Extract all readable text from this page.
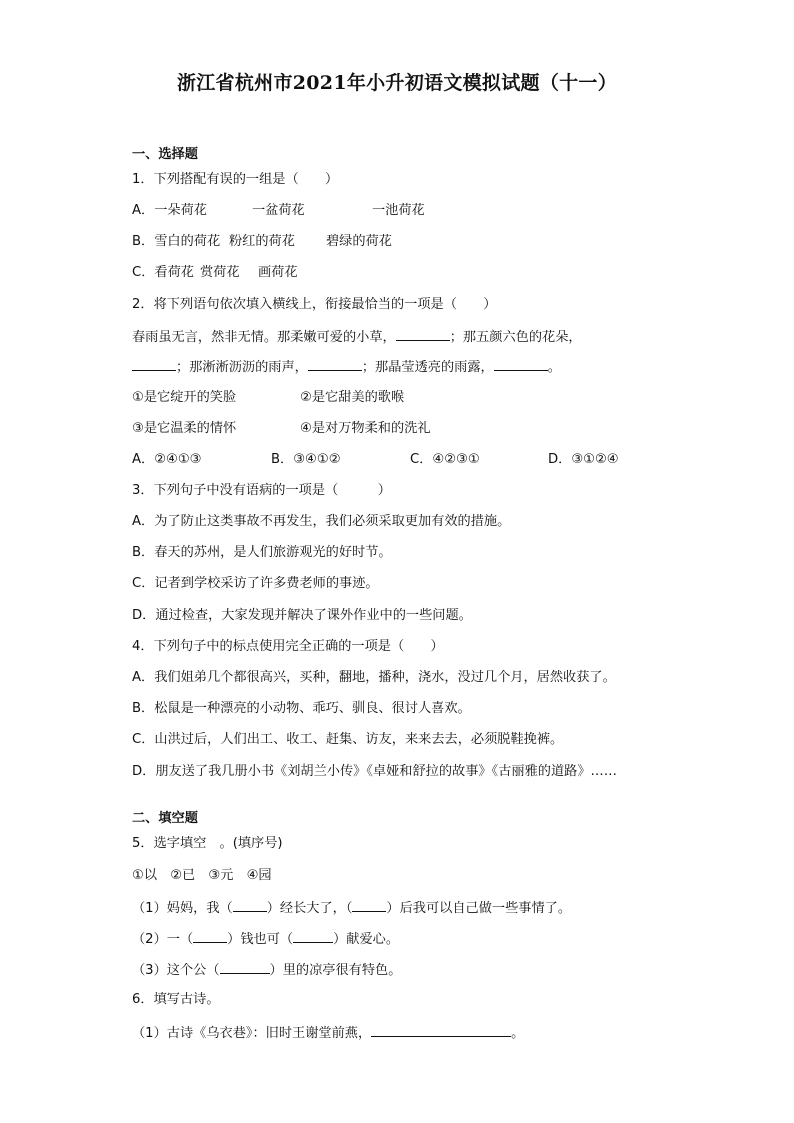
浙江省杭州市2021年小升初语文模拟试题（十一）
一、选择题
1．下列搭配有误的一组是（　　）
A．一朵荷花	一盆荷花	一池荷花
B．雪白的荷花 粉红的荷花 碧绿的荷花
C．看荷花 赏荷花 画荷花
2．将下列语句依次填入横线上，衔接最恰当的一项是（　　）
春雨虽无言，然非无情。那柔嫩可爱的小草，	；那五颜六色的花朵，
；那淅淅沥沥的雨声，	；那晶莹透亮的雨露，	。
①是它绽开的笑脸	②是它甜美的歌喉
③是它温柔的情怀	④是对万物柔和的洗礼
A．②④①③	B．③④①②	C．④②③①	D．③①②④
3．下列句子中没有语病的一项是（　　　）
A．为了防止这类事故不再发生，我们必须采取更加有效的措施。
B．春天的苏州，是人们旅游观光的好时节。
C．记者到学校采访了许多费老师的事迹。
D．通过检查，大家发现并解决了课外作业中的一些问题。
4．下列句子中的标点使用完全正确的一项是（　　）
A．我们姐弟几个都很高兴，买种，翻地，播种，浇水，没过几个月，居然收获了。
B．松鼠是一种漂亮的小动物、乖巧、驯良、很讨人喜欢。
C．山洪过后，人们出工、收工、赶集、访友，来来去去，必须脱鞋挽裤。
D．朋友送了我几册小书《刘胡兰小传》《卓娅和舒拉的故事》《古丽雅的道路》……
二、填空题
5．选字填空　。(填序号)
①以　②已　③元　④园
（1）妈妈，我（	）经长大了，（	）后我可以自己做一些事情了。
（2）一（	）钱也可（	）献爱心。
（3）这个公（	）里的凉亭很有特色。
6．填写古诗。
（1）古诗《乌衣巷》：旧时王谢堂前燕，	。
